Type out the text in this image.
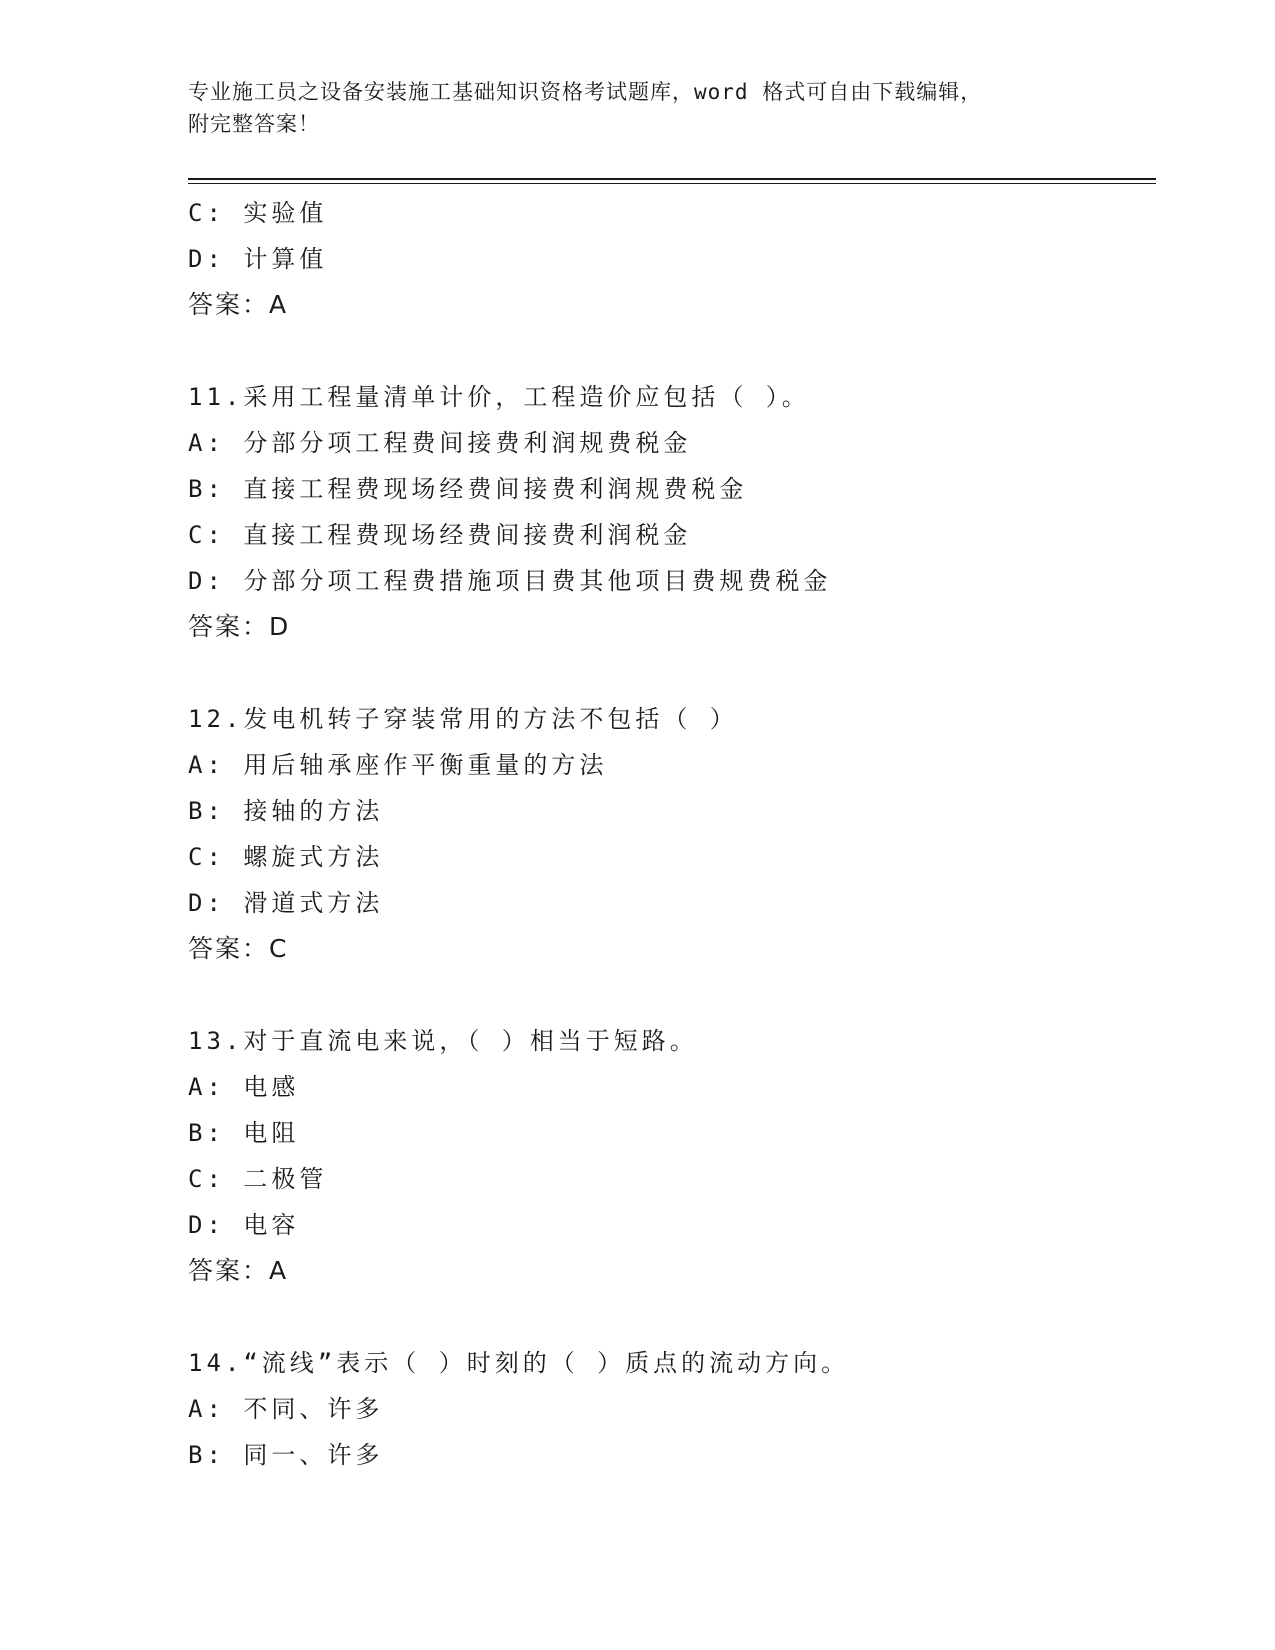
专业施工员之设备安装施工基础知识资格考试题库，word 格式可自由下载编辑，
附完整答案！
C: 实验值
D: 计算值
答案：A
11.采用工程量清单计价，工程造价应包括（ ）。
A: 分部分项工程费间接费利润规费税金
B: 直接工程费现场经费间接费利润规费税金
C: 直接工程费现场经费间接费利润税金
D: 分部分项工程费措施项目费其他项目费规费税金
答案：D
12.发电机转子穿装常用的方法不包括（ ）
A: 用后轴承座作平衡重量的方法
B: 接轴的方法
C: 螺旋式方法
D: 滑道式方法
答案：C
13.对于直流电来说，（ ）相当于短路。
A: 电感
B: 电阻
C: 二极管
D: 电容
答案：A
14.“流线”表示（ ）时刻的（ ）质点的流动方向。
A: 不同、许多
B: 同一、许多
